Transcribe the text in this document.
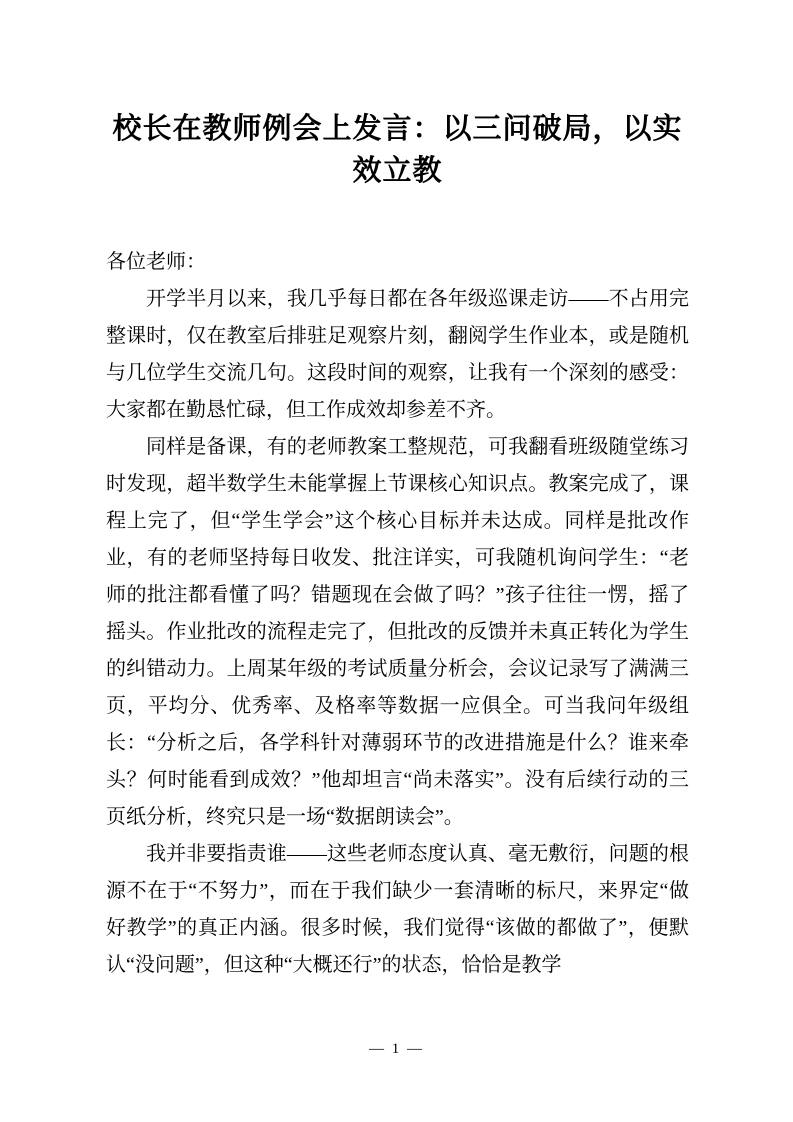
校长在教师例会上发言：以三问破局，以实效立教

各位老师：

开学半月以来，我几乎每日都在各年级巡课走访——不占用完整课时，仅在教室后排驻足观察片刻，翻阅学生作业本，或是随机与几位学生交流几句。这段时间的观察，让我有一个深刻的感受：大家都在勤恳忙碌，但工作成效却参差不齐。

同样是备课，有的老师教案工整规范，可我翻看班级随堂练习时发现，超半数学生未能掌握上节课核心知识点。教案完成了，课程上完了，但“学生学会”这个核心目标并未达成。同样是批改作业，有的老师坚持每日收发、批注详实，可我随机询问学生：“老师的批注都看懂了吗？错题现在会做了吗？”孩子往往一愣，摇了摇头。作业批改的流程走完了，但批改的反馈并未真正转化为学生的纠错动力。上周某年级的考试质量分析会，会议记录写了满满三页，平均分、优秀率、及格率等数据一应俱全。可当我问年级组长：“分析之后，各学科针对薄弱环节的改进措施是什么？谁来牵头？何时能看到成效？”他却坦言“尚未落实”。没有后续行动的三页纸分析，终究只是一场“数据朗读会”。

我并非要指责谁——这些老师态度认真、毫无敷衍，问题的根源不在于“不努力”，而在于我们缺少一套清晰的标尺，来界定“做好教学”的真正内涵。很多时候，我们觉得“该做的都做了”，便默认“没问题”，但这种“大概还行”的状态，恰恰是教学

— 1 —
